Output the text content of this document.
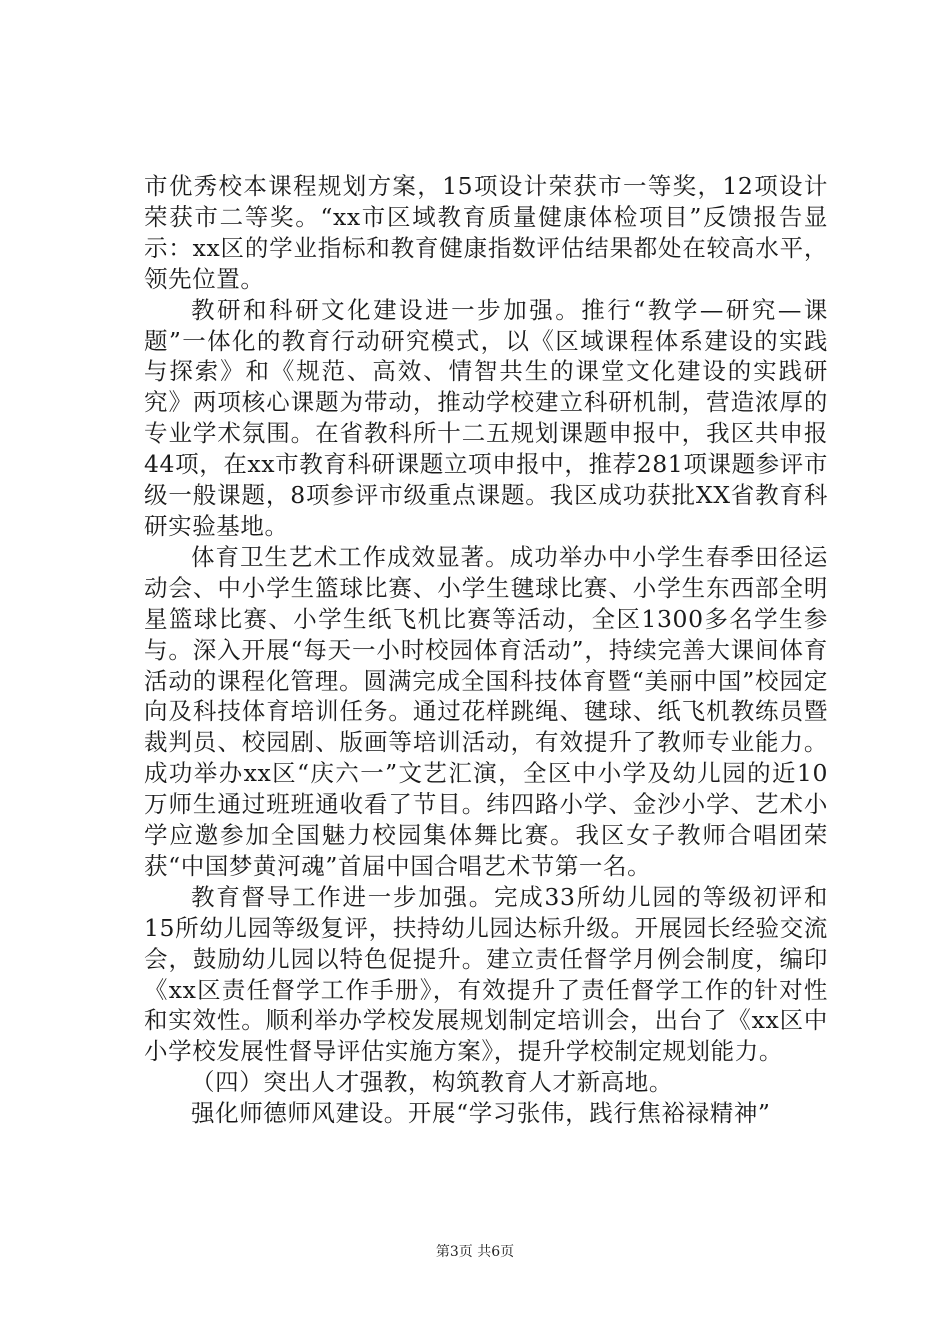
市优秀校本课程规划方案，15项设计荣获市一等奖，12项设计荣获市二等奖。“xx市区域教育质量健康体检项目”反馈报告显示：xx区的学业指标和教育健康指数评估结果都处在较高水平，领先位置。

教研和科研文化建设进一步加强。推行“教学—研究—课题”一体化的教育行动研究模式，以《区域课程体系建设的实践与探索》和《规范、高效、情智共生的课堂文化建设的实践研究》两项核心课题为带动，推动学校建立科研机制，营造浓厚的专业学术氛围。在省教科所十二五规划课题申报中，我区共申报44项，在xx市教育科研课题立项申报中，推荐281项课题参评市级一般课题，8项参评市级重点课题。我区成功获批XX省教育科研实验基地。

体育卫生艺术工作成效显著。成功举办中小学生春季田径运动会、中小学生篮球比赛、小学生毽球比赛、小学生东西部全明星篮球比赛、小学生纸飞机比赛等活动，全区1300多名学生参与。深入开展“每天一小时校园体育活动”，持续完善大课间体育活动的课程化管理。圆满完成全国科技体育暨“美丽中国”校园定向及科技体育培训任务。通过花样跳绳、毽球、纸飞机教练员暨裁判员、校园剧、版画等培训活动，有效提升了教师专业能力。成功举办xx区“庆六一”文艺汇演，全区中小学及幼儿园的近10万师生通过班班通收看了节目。纬四路小学、金沙小学、艺术小学应邀参加全国魅力校园集体舞比赛。我区女子教师合唱团荣获“中国梦黄河魂”首届中国合唱艺术节第一名。

教育督导工作进一步加强。完成33所幼儿园的等级初评和15所幼儿园等级复评，扶持幼儿园达标升级。开展园长经验交流会，鼓励幼儿园以特色促提升。建立责任督学月例会制度，编印《xx区责任督学工作手册》，有效提升了责任督学工作的针对性和实效性。顺利举办学校发展规划制定培训会，出台了《xx区中小学校发展性督导评估实施方案》，提升学校制定规划能力。

（四）突出人才强教，构筑教育人才新高地。

强化师德师风建设。开展“学习张伟，践行焦裕禄精神”

第3页 共6页
